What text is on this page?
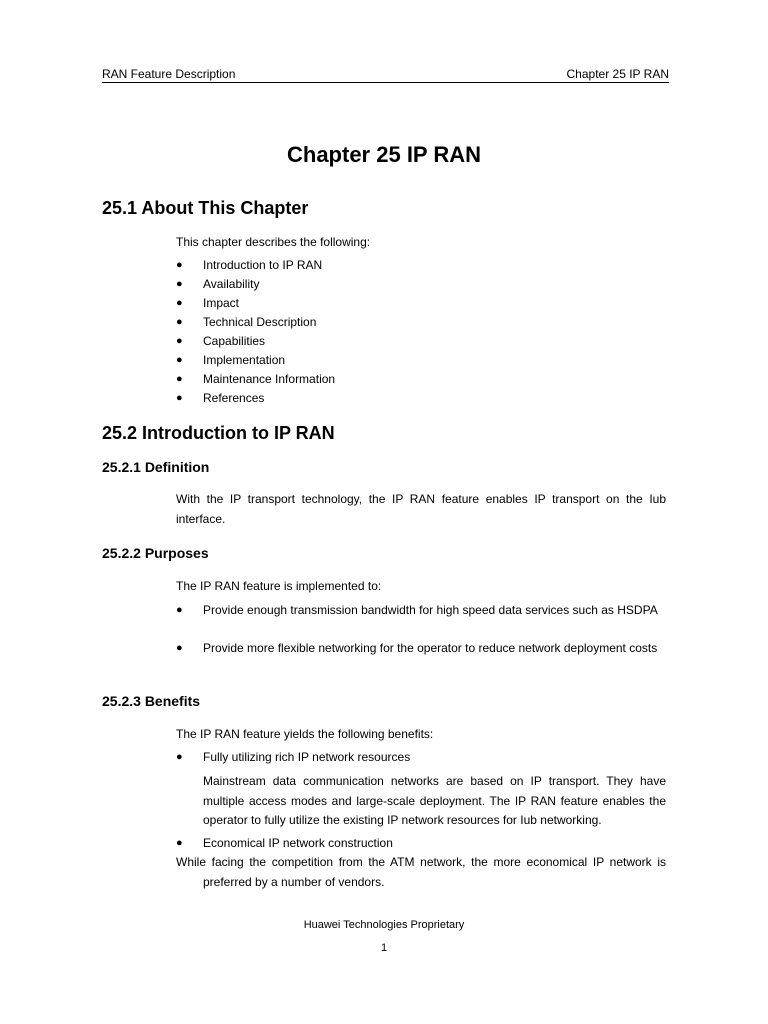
RAN Feature Description	Chapter 25 IP RAN
Chapter 25 IP RAN
25.1 About This Chapter
This chapter describes the following:
● Introduction to IP RAN
● Availability
● Impact
● Technical Description
● Capabilities
● Implementation
● Maintenance Information
● References
25.2 Introduction to IP RAN
25.2.1 Definition
With the IP transport technology, the IP RAN feature enables IP transport on the Iub interface.
25.2.2 Purposes
The IP RAN feature is implemented to:
●	Provide enough transmission bandwidth for high speed data services such as HSDPA
●	Provide more flexible networking for the operator to reduce network deployment costs
25.2.3 Benefits
The IP RAN feature yields the following benefits:
●	Fully utilizing rich IP network resources
Mainstream data communication networks are based on IP transport. They have multiple access modes and large-scale deployment. The IP RAN feature enables the operator to fully utilize the existing IP network resources for Iub networking.
●	Economical IP network construction
While facing the competition from the ATM network, the more economical IP network is preferred by a number of vendors.
Huawei Technologies Proprietary
1
